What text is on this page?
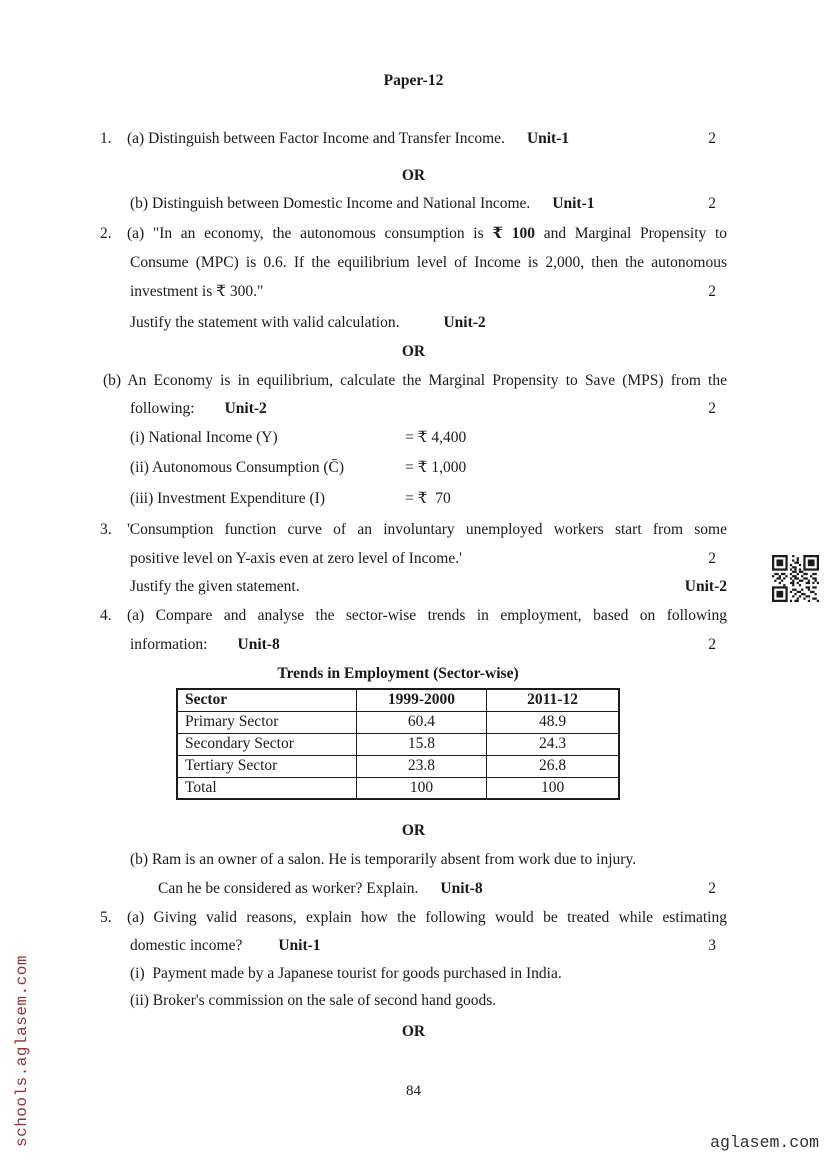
Paper-12
1. (a) Distinguish between Factor Income and Transfer Income. Unit-1	2
OR
(b) Distinguish between Domestic Income and National Income. Unit-1	2
2. (a) "In an economy, the autonomous consumption is ₹ 100 and Marginal Propensity to
Consume (MPC) is 0.6. If the equilibrium level of Income is 2,000, then the autonomous
investment is ₹ 300."	2
Justify the statement with valid calculation.	Unit-2
OR
(b) An Economy is in equilibrium, calculate the Marginal Propensity to Save (MPS) from the
following: Unit-2	2
(i) National Income (Y)	= ₹ 4,400
(ii) Autonomous Consumption (C̄)	= ₹ 1,000
(iii) Investment Expenditure (I)	= ₹  70
3. 'Consumption function curve of an involuntary unemployed workers start from some
positive level on Y-axis even at zero level of Income.'	2
Justify the given statement.	Unit-2
4. (a) Compare and analyse the sector-wise trends in employment, based on following
information: Unit-8	2
Trends in Employment (Sector-wise)
Sector	1999-2000	2011-12
Primary Sector	60.4	48.9
Secondary Sector	15.8	24.3
Tertiary Sector	23.8	26.8
Total	100	100
OR
(b) Ram is an owner of a salon. He is temporarily absent from work due to injury.
Can he be considered as worker? Explain. Unit-8	2
5. (a) Giving valid reasons, explain how the following would be treated while estimating
domestic income? Unit-1	3
(i)  Payment made by a Japanese tourist for goods purchased in India.
(ii) Broker's commission on the sale of second hand goods.
OR
84
schools.aglasem.com	aglasem.com
